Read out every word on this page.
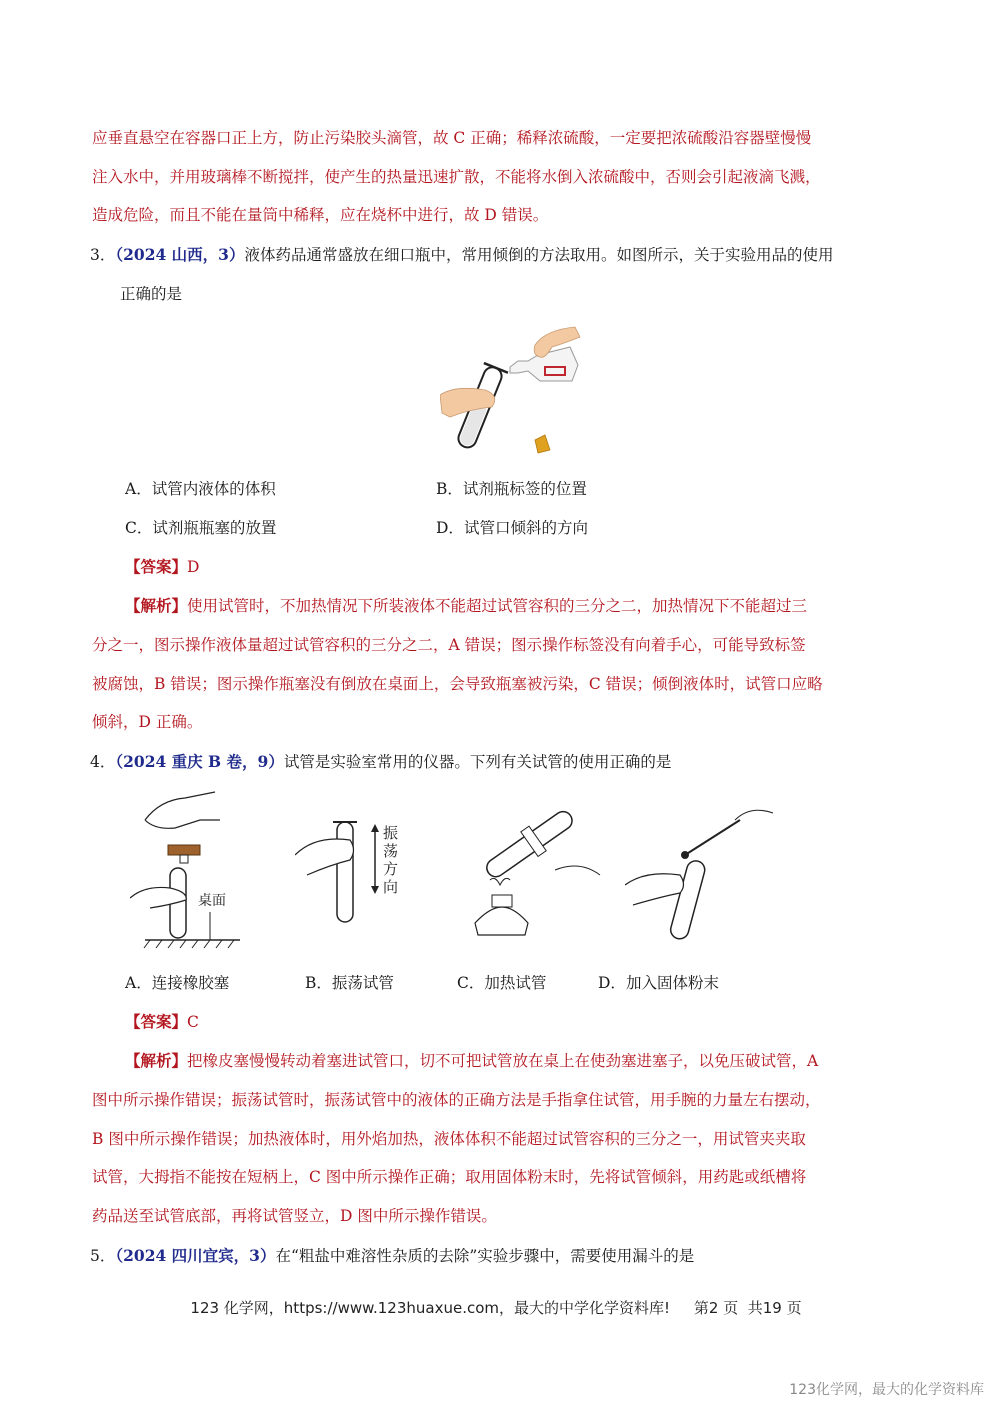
应垂直悬空在容器口正上方，防止污染胶头滴管，故 C 正确；稀释浓硫酸，一定要把浓硫酸沿容器壁慢慢
注入水中，并用玻璃棒不断搅拌，使产生的热量迅速扩散，不能将水倒入浓硫酸中，否则会引起液滴飞溅，
造成危险，而且不能在量筒中稀释，应在烧杯中进行，故 D 错误。
3．（2024 山西，3）液体药品通常盛放在细口瓶中，常用倾倒的方法取用。如图所示，关于实验用品的使用
正确的是
A．试管内液体的体积	B．试剂瓶标签的位置
C．试剂瓶瓶塞的放置	D．试管口倾斜的方向
【答案】D
【解析】使用试管时，不加热情况下所装液体不能超过试管容积的三分之二，加热情况下不能超过三
分之一，图示操作液体量超过试管容积的三分之二，A 错误；图示操作标签没有向着手心，可能导致标签
被腐蚀，B 错误；图示操作瓶塞没有倒放在桌面上，会导致瓶塞被污染，C 错误；倾倒液体时，试管口应略
倾斜，D 正确。
4．（2024 重庆 B 卷，9）试管是实验室常用的仪器。下列有关试管的使用正确的是
桌面
振
荡
方
向
A．连接橡胶塞	B．振荡试管	C．加热试管	D．加入固体粉末
【答案】C
【解析】把橡皮塞慢慢转动着塞进试管口，切不可把试管放在桌上在使劲塞进塞子，以免压破试管，A
图中所示操作错误；振荡试管时，振荡试管中的液体的正确方法是手指拿住试管，用手腕的力量左右摆动，
B 图中所示操作错误；加热液体时，用外焰加热，液体体积不能超过试管容积的三分之一，用试管夹夹取
试管，大拇指不能按在短柄上，C 图中所示操作正确；取用固体粉末时，先将试管倾斜，用药匙或纸槽将
药品送至试管底部，再将试管竖立，D 图中所示操作错误。
5．（2024 四川宜宾，3）在“粗盐中难溶性杂质的去除”实验步骤中，需要使用漏斗的是
123 化学网，https://www.123huaxue.com，最大的中学化学资料库! 第2 页  共19 页
123化学网，最大的化学资料库
